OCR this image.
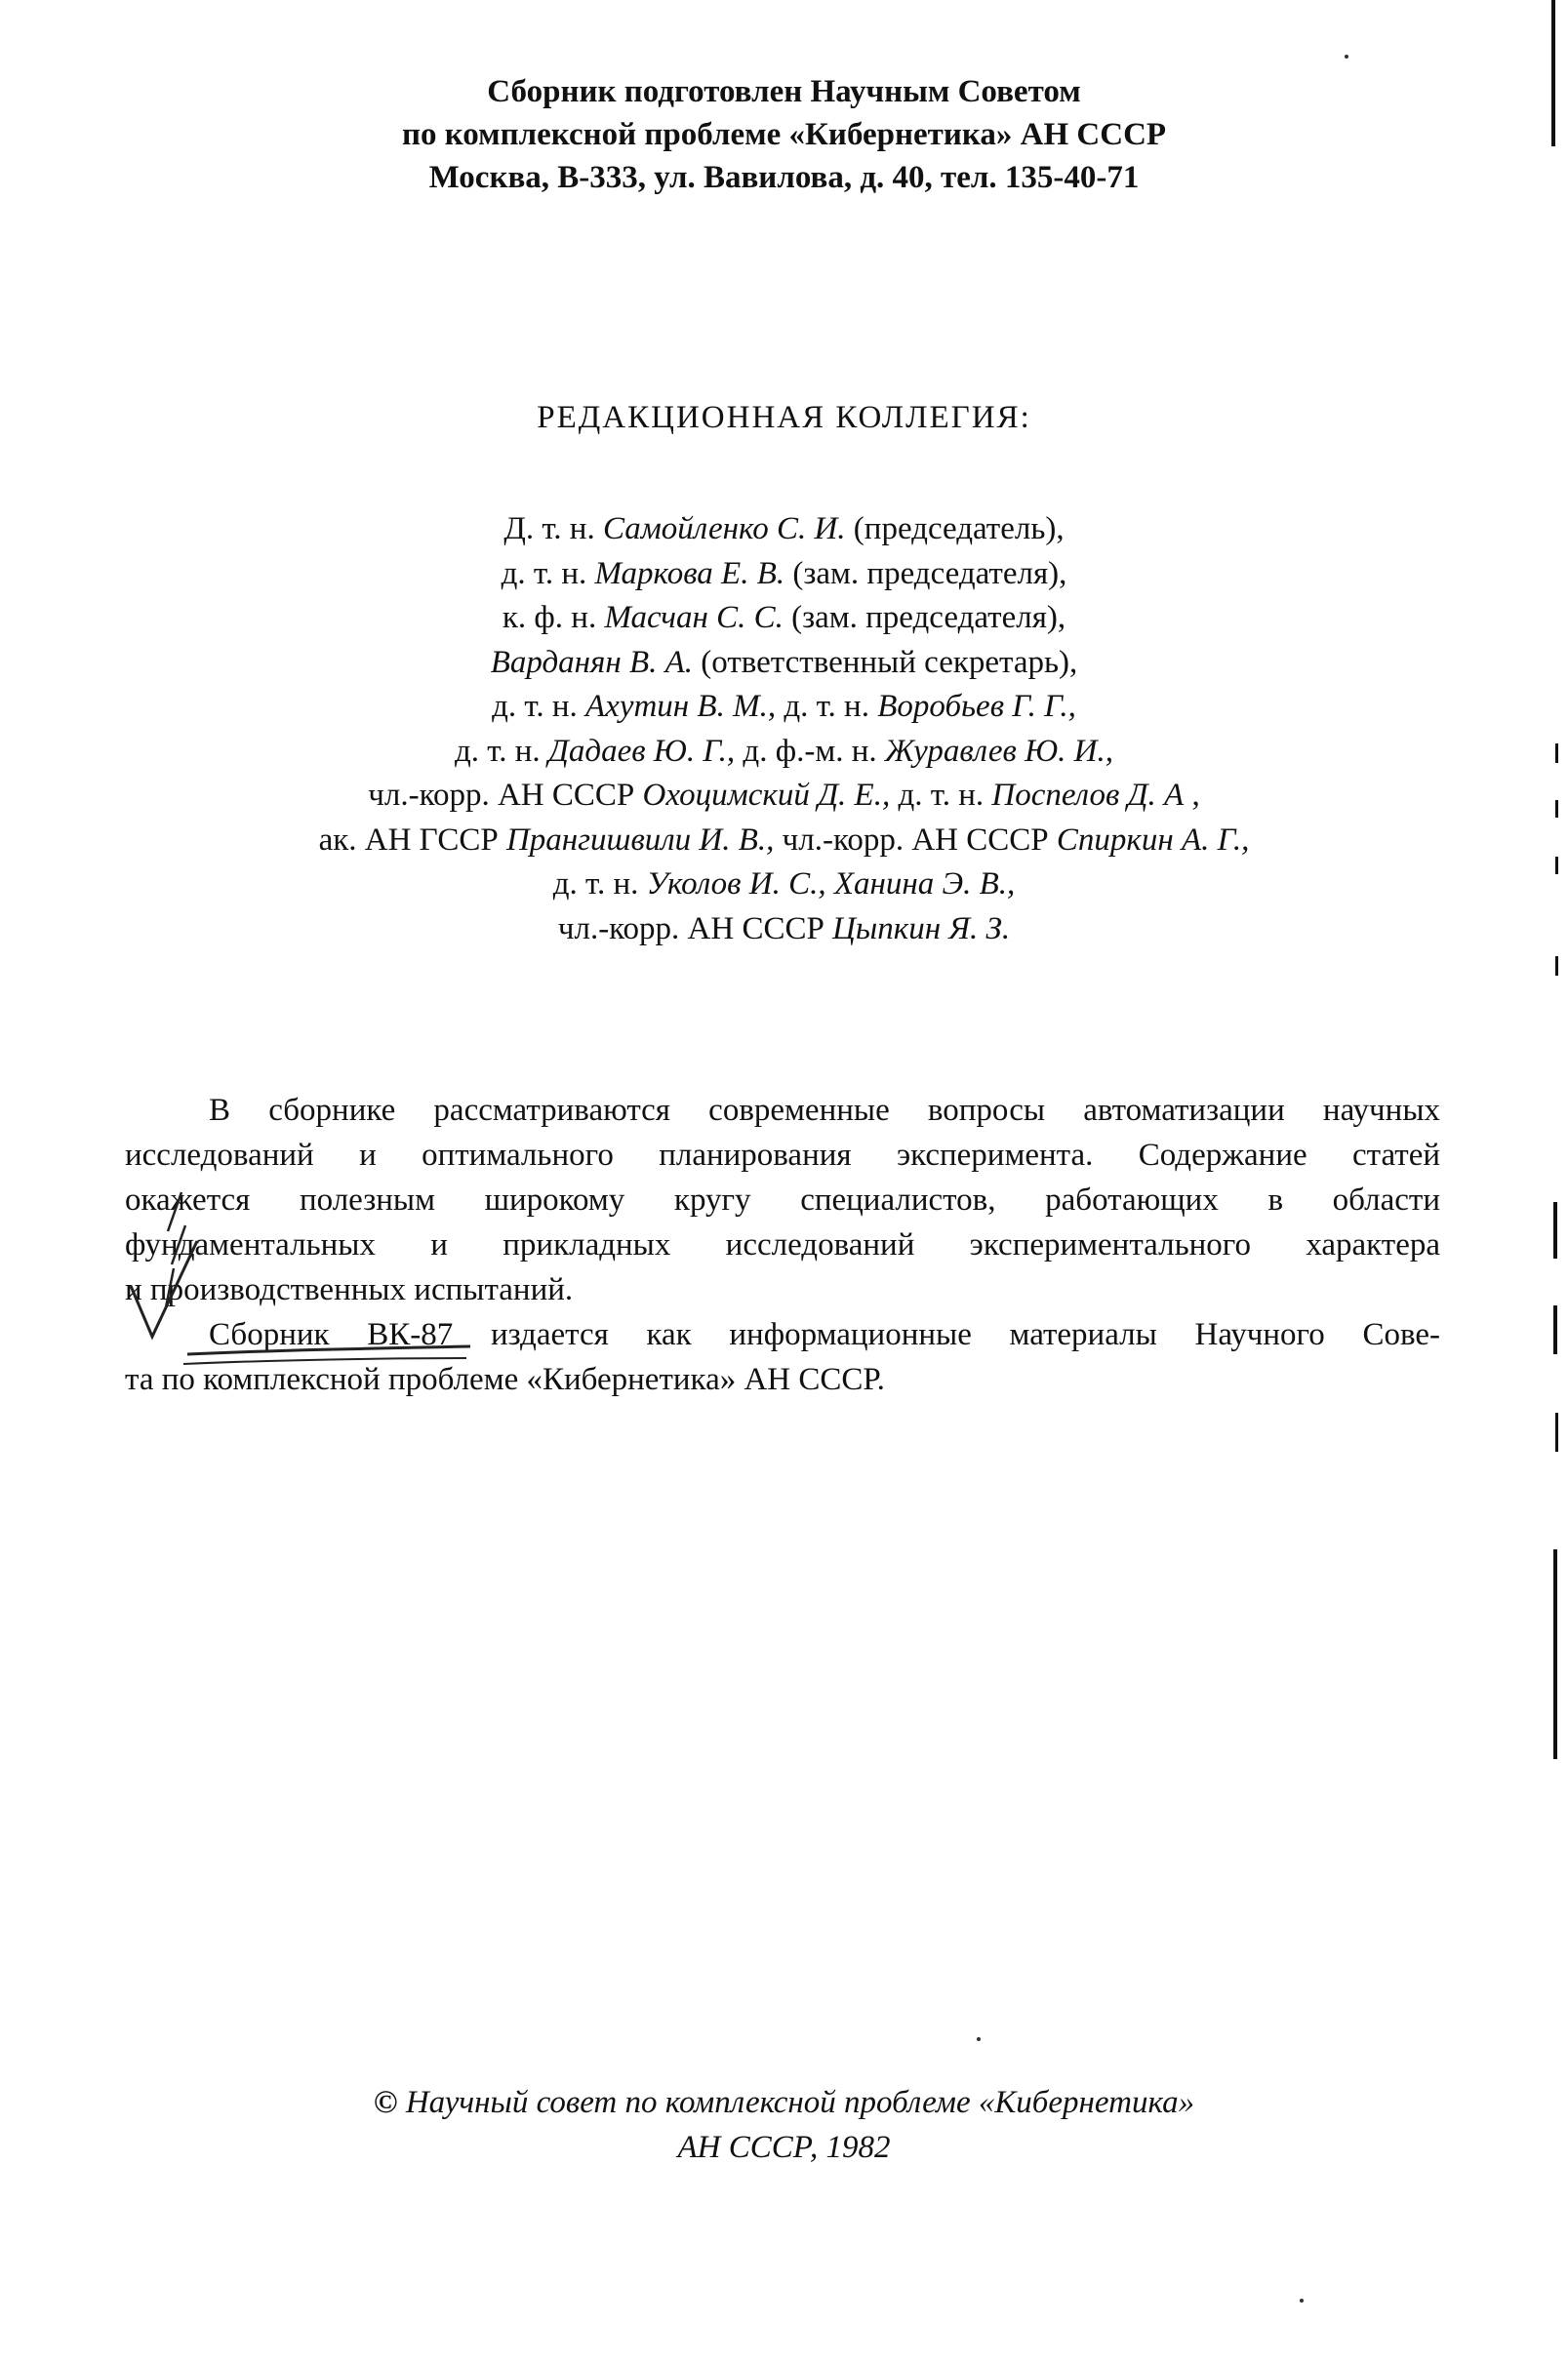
Сборник подготовлен Научным Советом
по комплексной проблеме «Кибернетика» АН СССР
Москва, В-333, ул. Вавилова, д. 40, тел. 135-40-71
РЕДАКЦИОННАЯ КОЛЛЕГИЯ:
Д. т. н. Самойленко С. И. (председатель),
д. т. н. Маркова Е. В. (зам. председателя),
к. ф. н. Масчан С. С. (зам. председателя),
Варданян В. А. (ответственный секретарь),
д. т. н. Ахутин В. М., д. т. н. Воробьев Г. Г.,
д. т. н. Дадаев Ю. Г., д. ф.-м. н. Журавлев Ю. И.,
чл.-корр. АН СССР Охоцимский Д. Е., д. т. н. Поспелов Д. А ,
ак. АН ГССР Прангишвили И. В., чл.-корр. АН СССР Спиркин А. Г.,
д. т. н. Уколов И. С., Ханина Э. В.,
чл.-корр. АН СССР Цыпкин Я. З.
В сборнике рассматриваются современные вопросы автоматизации научных
исследований и оптимального планирования эксперимента. Содержание статей
окажется полезным широкому кругу специалистов, работающих в области
фундаментальных и прикладных исследований экспериментального характера
и производственных испытаний.
Сборник ВК-87 издается как информационные материалы Научного Сове-
та по комплексной проблеме «Кибернетика» АН СССР.
© Научный совет по комплексной проблеме «Кибернетика»
АН СССР, 1982
